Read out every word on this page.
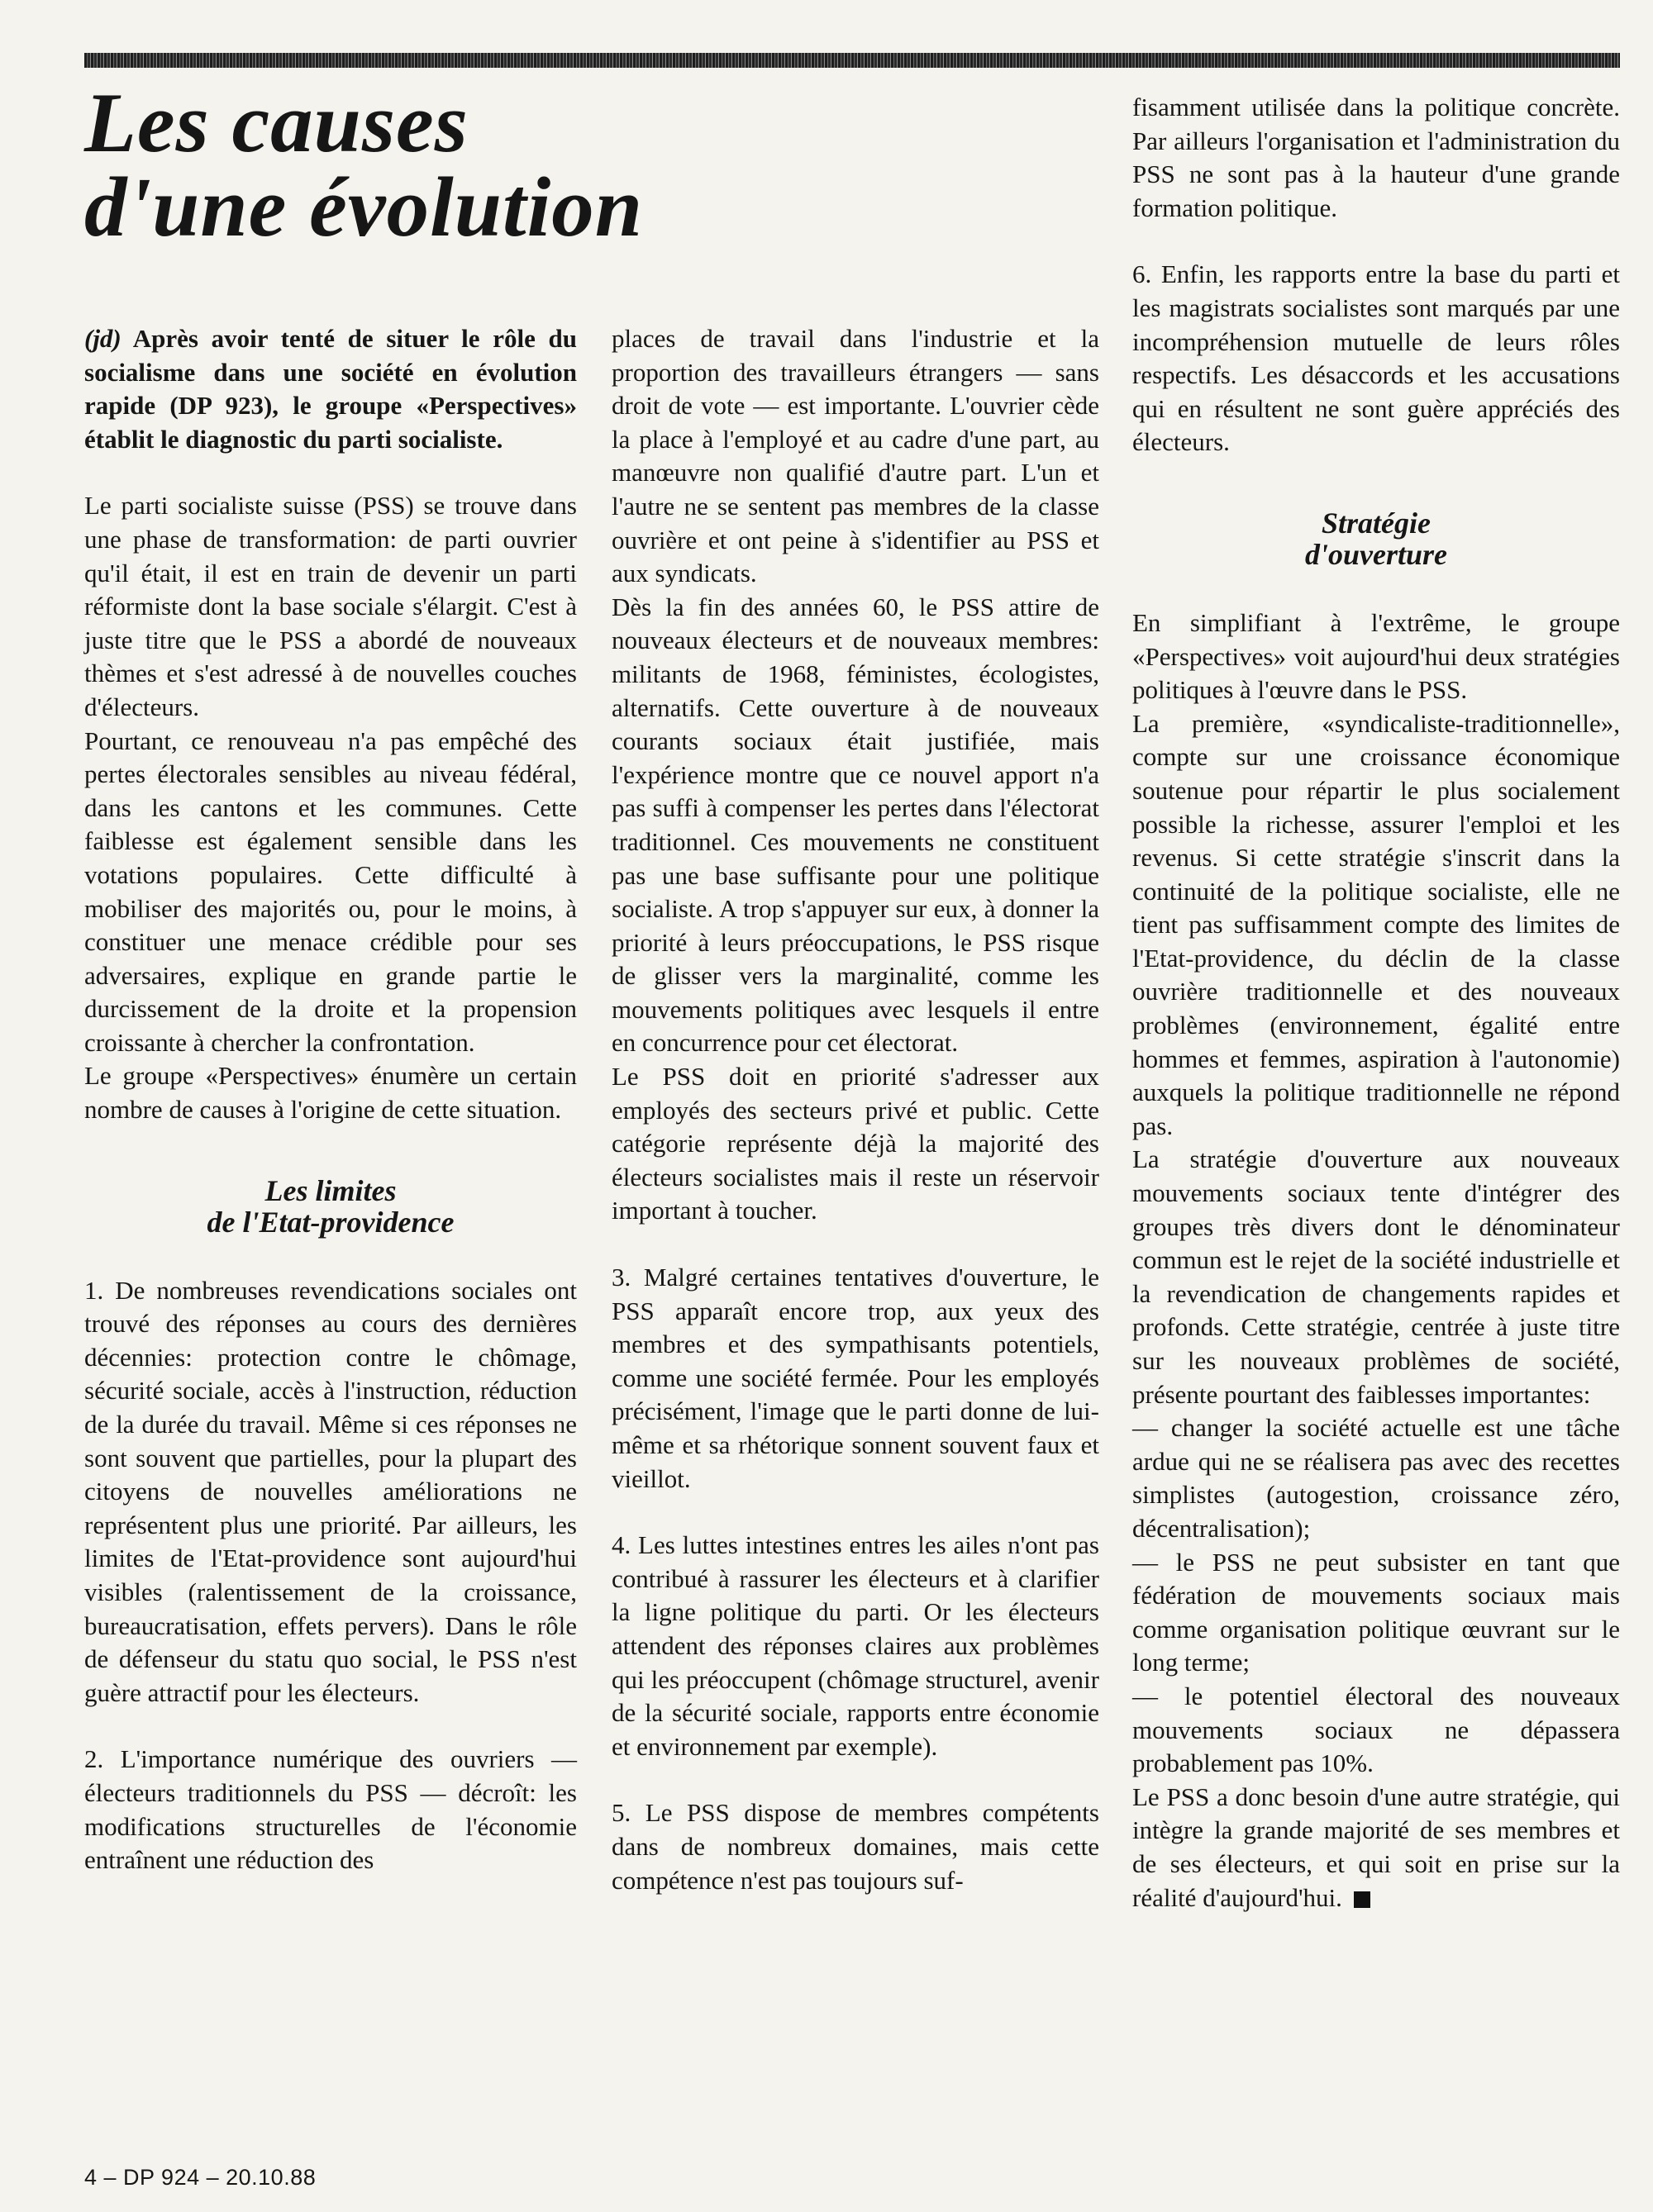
Les causes
d'une évolution

(jd) Après avoir tenté de situer le rôle du socialisme dans une société en évolution rapide (DP 923), le groupe «Perspectives» établit le diagnostic du parti socialiste.

Le parti socialiste suisse (PSS) se trouve dans une phase de transformation: de parti ouvrier qu'il était, il est en train de devenir un parti réformiste dont la base sociale s'élargit. C'est à juste titre que le PSS a abordé de nouveaux thèmes et s'est adressé à de nouvelles couches d'électeurs.

Pourtant, ce renouveau n'a pas empêché des pertes électorales sensibles au niveau fédéral, dans les cantons et les communes. Cette faiblesse est également sensible dans les votations populaires. Cette difficulté à mobiliser des majorités ou, pour le moins, à constituer une menace crédible pour ses adversaires, explique en grande partie le durcissement de la droite et la propension croissante à chercher la confrontation.

Le groupe «Perspectives» énumère un certain nombre de causes à l'origine de cette situation.

Les limites
de l'Etat-providence

1. De nombreuses revendications sociales ont trouvé des réponses au cours des dernières décennies: protection contre le chômage, sécurité sociale, accès à l'instruction, réduction de la durée du travail. Même si ces réponses ne sont souvent que partielles, pour la plupart des citoyens de nouvelles améliorations ne représentent plus une priorité. Par ailleurs, les limites de l'Etat-providence sont aujourd'hui visibles (ralentissement de la croissance, bureaucratisation, effets pervers). Dans le rôle de défenseur du statu quo social, le PSS n'est guère attractif pour les électeurs.

2. L'importance numérique des ouvriers — électeurs traditionnels du PSS — décroît: les modifications structurelles de l'économie entraînent une réduction des

places de travail dans l'industrie et la proportion des travailleurs étrangers — sans droit de vote — est importante. L'ouvrier cède la place à l'employé et au cadre d'une part, au manœuvre non qualifié d'autre part. L'un et l'autre ne se sentent pas membres de la classe ouvrière et ont peine à s'identifier au PSS et aux syndicats.

Dès la fin des années 60, le PSS attire de nouveaux électeurs et de nouveaux membres: militants de 1968, féministes, écologistes, alternatifs. Cette ouverture à de nouveaux courants sociaux était justifiée, mais l'expérience montre que ce nouvel apport n'a pas suffi à compenser les pertes dans l'électorat traditionnel. Ces mouvements ne constituent pas une base suffisante pour une politique socialiste. A trop s'appuyer sur eux, à donner la priorité à leurs préoccupations, le PSS risque de glisser vers la marginalité, comme les mouvements politiques avec lesquels il entre en concurrence pour cet électorat.

Le PSS doit en priorité s'adresser aux employés des secteurs privé et public. Cette catégorie représente déjà la majorité des électeurs socialistes mais il reste un réservoir important à toucher.

3. Malgré certaines tentatives d'ouverture, le PSS apparaît encore trop, aux yeux des membres et des sympathisants potentiels, comme une société fermée. Pour les employés précisément, l'image que le parti donne de lui-même et sa rhétorique sonnent souvent faux et vieillot.

4. Les luttes intestines entres les ailes n'ont pas contribué à rassurer les électeurs et à clarifier la ligne politique du parti. Or les électeurs attendent des réponses claires aux problèmes qui les préoccupent (chômage structurel, avenir de la sécurité sociale, rapports entre économie et environnement par exemple).

5. Le PSS dispose de membres compétents dans de nombreux domaines, mais cette compétence n'est pas toujours suf-

fisamment utilisée dans la politique concrète. Par ailleurs l'organisation et l'administration du PSS ne sont pas à la hauteur d'une grande formation politique.

6. Enfin, les rapports entre la base du parti et les magistrats socialistes sont marqués par une incompréhension mutuelle de leurs rôles respectifs. Les désaccords et les accusations qui en résultent ne sont guère appréciés des électeurs.

Stratégie
d'ouverture

En simplifiant à l'extrême, le groupe «Perspectives» voit aujourd'hui deux stratégies politiques à l'œuvre dans le PSS.

La première, «syndicaliste-traditionnelle», compte sur une croissance économique soutenue pour répartir le plus socialement possible la richesse, assurer l'emploi et les revenus. Si cette stratégie s'inscrit dans la continuité de la politique socialiste, elle ne tient pas suffisamment compte des limites de l'Etat-providence, du déclin de la classe ouvrière traditionnelle et des nouveaux problèmes (environnement, égalité entre hommes et femmes, aspiration à l'autonomie) auxquels la politique traditionnelle ne répond pas.

La stratégie d'ouverture aux nouveaux mouvements sociaux tente d'intégrer des groupes très divers dont le dénominateur commun est le rejet de la société industrielle et la revendication de changements rapides et profonds. Cette stratégie, centrée à juste titre sur les nouveaux problèmes de société, présente pourtant des faiblesses importantes:

— changer la société actuelle est une tâche ardue qui ne se réalisera pas avec des recettes simplistes (autogestion, croissance zéro, décentralisation);

— le PSS ne peut subsister en tant que fédération de mouvements sociaux mais comme organisation politique œuvrant sur le long terme;

— le potentiel électoral des nouveaux mouvements sociaux ne dépassera probablement pas 10%.

Le PSS a donc besoin d'une autre stratégie, qui intègre la grande majorité de ses membres et de ses électeurs, et qui soit en prise sur la réalité d'aujourd'hui.

4 – DP 924 – 20.10.88
